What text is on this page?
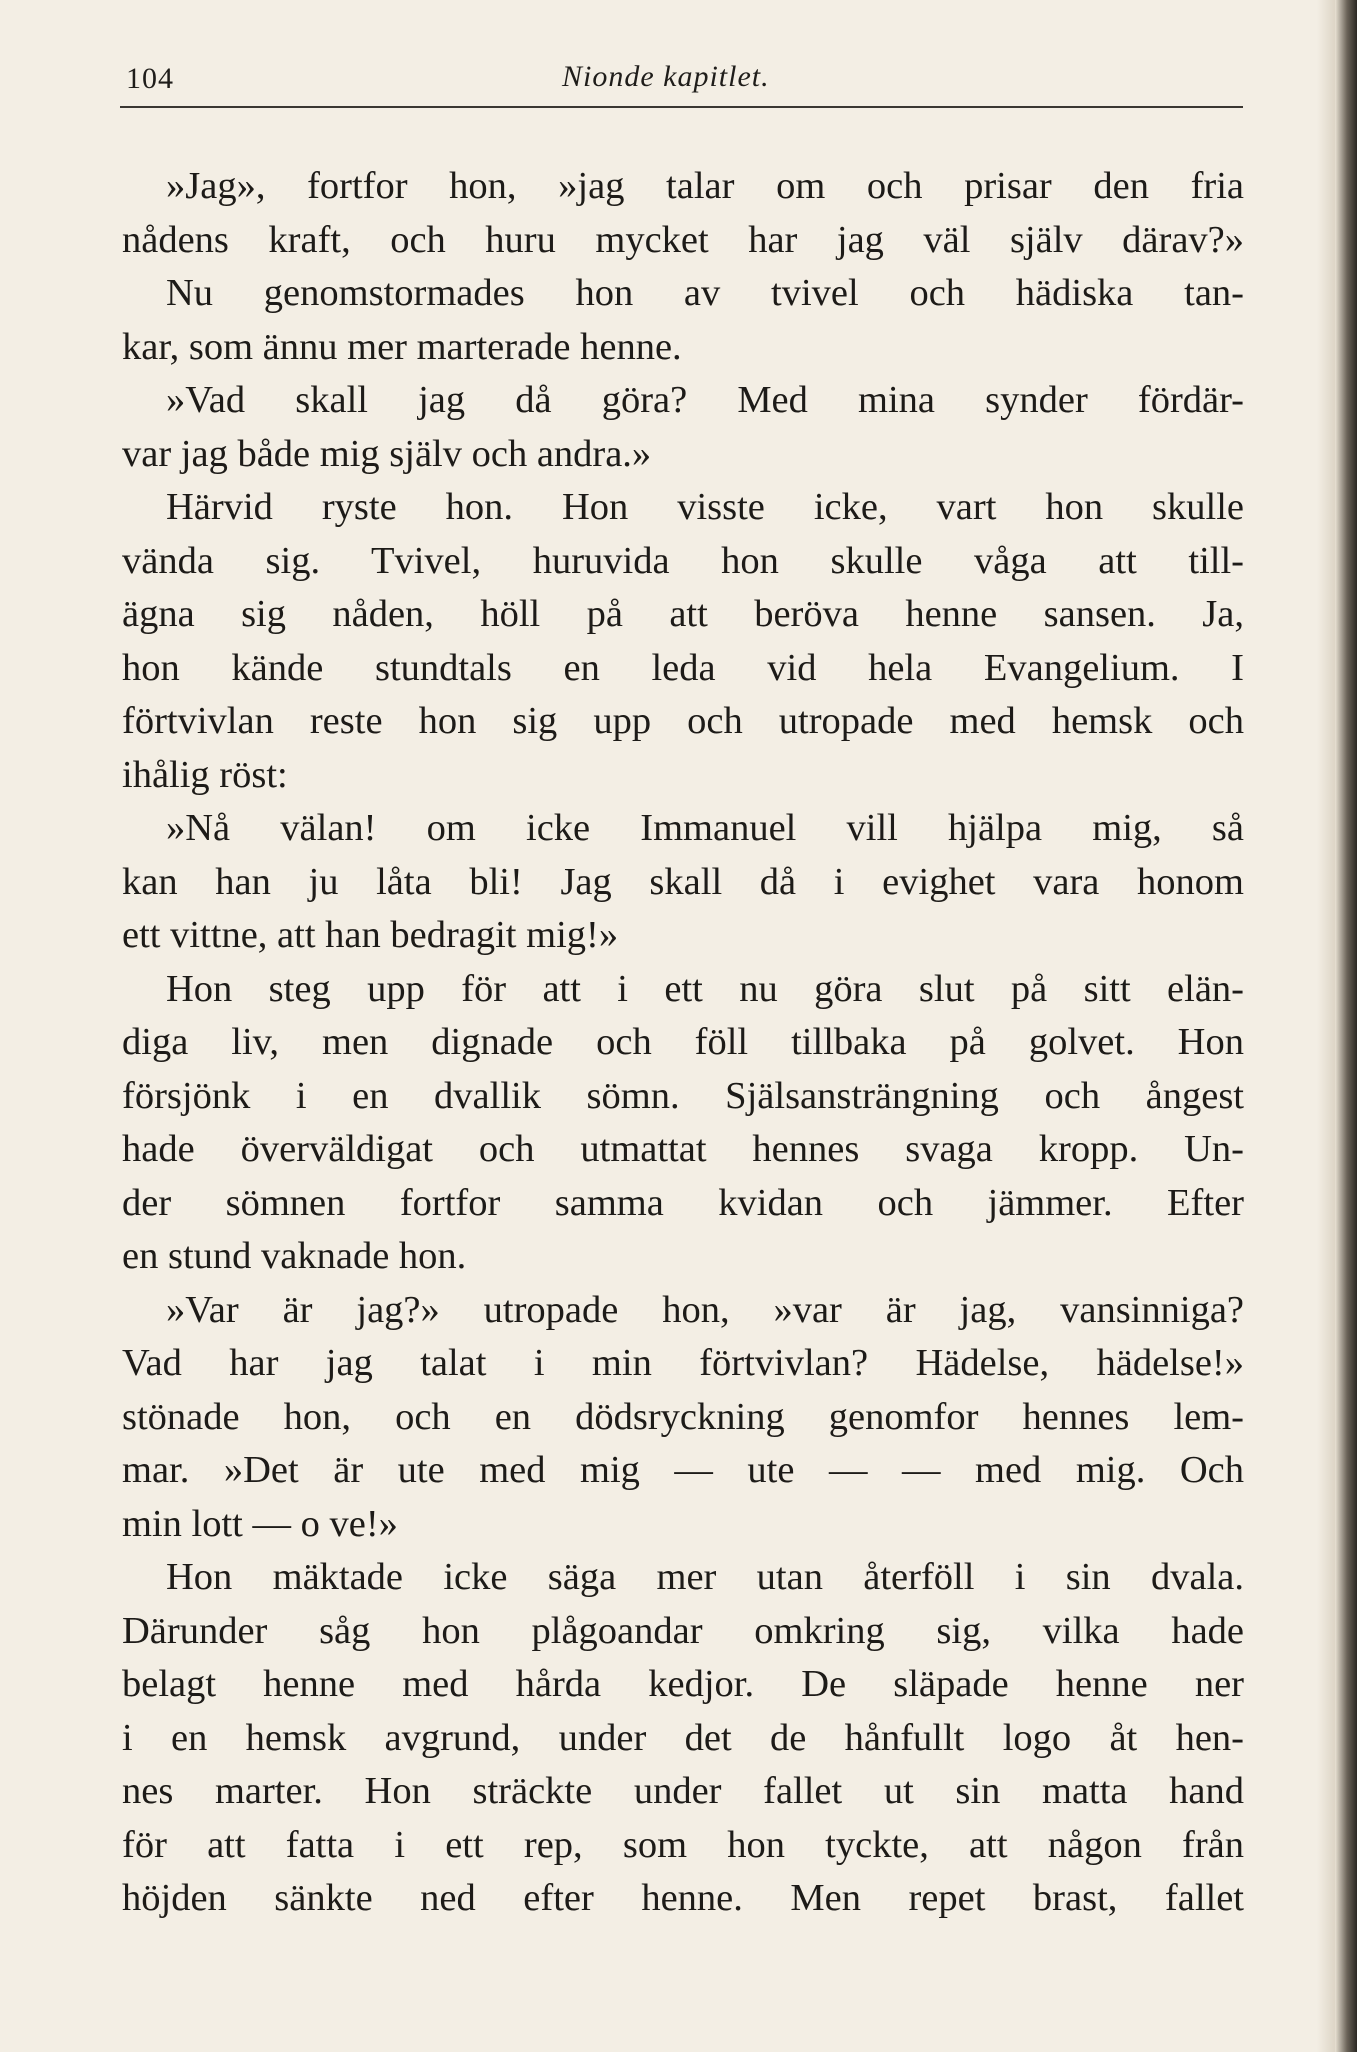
104	Nionde kapitlet.
»Jag», fortfor hon, »jag talar om och prisar den fria
nådens kraft, och huru mycket har jag väl själv därav?»
Nu genomstormades hon av tvivel och hädiska tan-
kar, som ännu mer marterade henne.
»Vad skall jag då göra? Med mina synder fördär-
var jag både mig själv och andra.»
Härvid ryste hon. Hon visste icke, vart hon skulle
vända sig. Tvivel, huruvida hon skulle våga att till-
ägna sig nåden, höll på att beröva henne sansen. Ja,
hon kände stundtals en leda vid hela Evangelium. I
förtvivlan reste hon sig upp och utropade med hemsk och
ihålig röst:
»Nå välan! om icke Immanuel vill hjälpa mig, så
kan han ju låta bli! Jag skall då i evighet vara honom
ett vittne, att han bedragit mig!»
Hon steg upp för att i ett nu göra slut på sitt elän-
diga liv, men dignade och föll tillbaka på golvet. Hon
försjönk i en dvallik sömn. Själsansträngning och ångest
hade överväldigat och utmattat hennes svaga kropp. Un-
der sömnen fortfor samma kvidan och jämmer. Efter
en stund vaknade hon.
»Var är jag?» utropade hon, »var är jag, vansinniga?
Vad har jag talat i min förtvivlan? Hädelse, hädelse!»
stönade hon, och en dödsryckning genomfor hennes lem-
mar. »Det är ute med mig — ute — — med mig. Och
min lott — o ve!»
Hon mäktade icke säga mer utan återföll i sin dvala.
Därunder såg hon plågoandar omkring sig, vilka hade
belagt henne med hårda kedjor. De släpade henne ner
i en hemsk avgrund, under det de hånfullt logo åt hen-
nes marter. Hon sträckte under fallet ut sin matta hand
för att fatta i ett rep, som hon tyckte, att någon från
höjden sänkte ned efter henne. Men repet brast, fallet
